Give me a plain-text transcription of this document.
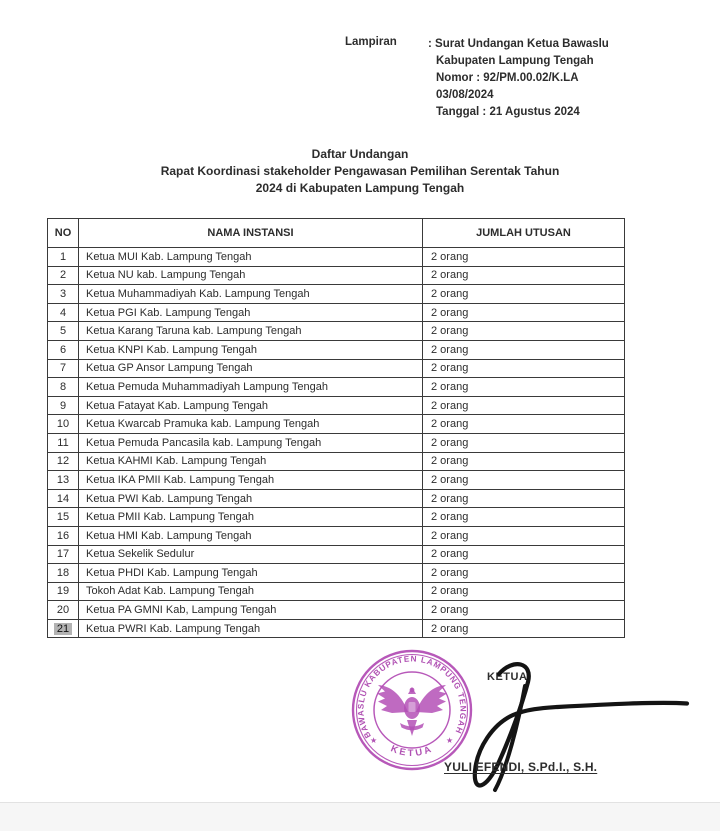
Lampiran	: Surat Undangan Ketua Bawaslu
Kabupaten Lampung Tengah
Nomor : 92/PM.00.02/K.LA
03/08/2024
Tanggal : 21 Agustus 2024
Daftar Undangan
Rapat Koordinasi stakeholder Pengawasan Pemilihan Serentak Tahun
2024 di Kabupaten Lampung Tengah
NO	NAMA INSTANSI	JUMLAH UTUSAN
1	Ketua MUI Kab. Lampung Tengah	2 orang
2	Ketua NU kab. Lampung Tengah	2 orang
3	Ketua Muhammadiyah Kab. Lampung Tengah	2 orang
4	Ketua PGI Kab. Lampung Tengah	2 orang
5	Ketua Karang Taruna kab. Lampung Tengah	2 orang
6	Ketua KNPI Kab. Lampung Tengah	2 orang
7	Ketua GP Ansor Lampung Tengah	2 orang
8	Ketua Pemuda Muhammadiyah Lampung Tengah	2 orang
9	Ketua Fatayat Kab. Lampung Tengah	2 orang
10	Ketua Kwarcab Pramuka kab. Lampung Tengah	2 orang
11	Ketua Pemuda Pancasila kab. Lampung Tengah	2 orang
12	Ketua KAHMI Kab. Lampung Tengah	2 orang
13	Ketua IKA PMII Kab. Lampung Tengah	2 orang
14	Ketua PWI Kab. Lampung Tengah	2 orang
15	Ketua PMII Kab. Lampung Tengah	2 orang
16	Ketua HMI Kab. Lampung Tengah	2 orang
17	Ketua Sekelik Sedulur	2 orang
18	Ketua PHDI Kab. Lampung Tengah	2 orang
19	Tokoh Adat Kab. Lampung Tengah	2 orang
20	Ketua PA GMNI Kab, Lampung Tengah	2 orang
21	Ketua PWRI Kab. Lampung Tengah	2 orang
BAWASLU KABUPATEN LAMPUNG TENGAH
KETUA
★	★
KETUA
YULI EFENDI, S.Pd.I., S.H.
